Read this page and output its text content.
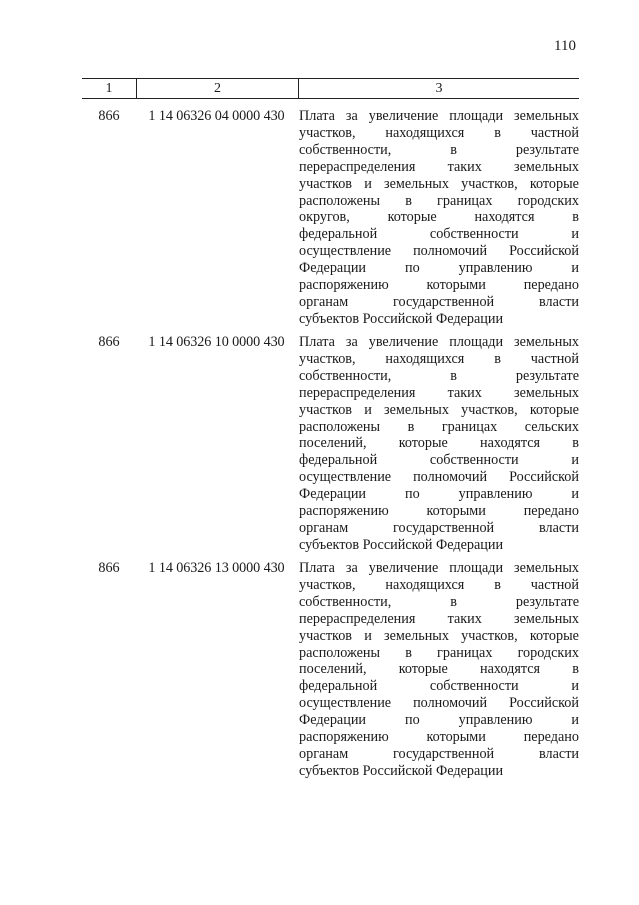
110
1	2	3
866	1 14 06326 04 0000 430	Плата за увеличение площади земельных
участков, находящихся в частной
собственности,	в	результате
перераспределения таких земельных
участков и земельных участков, которые
расположены в границах городских
округов,	которые	находятся	в
федеральной	собственности	и
осуществление полномочий Российской
Федерации	по	управлению	и
распоряжению	которыми	передано
органам	государственной	власти
субъектов Российской Федерации
866	1 14 06326 10 0000 430	Плата за увеличение площади земельных
участков, находящихся в частной
собственности,	в	результате
перераспределения таких земельных
участков и земельных участков, которые
расположены в границах сельских
поселений, которые находятся в
федеральной	собственности	и
осуществление полномочий Российской
Федерации	по	управлению	и
распоряжению	которыми	передано
органам	государственной	власти
субъектов Российской Федерации
866	1 14 06326 13 0000 430	Плата за увеличение площади земельных
участков, находящихся в частной
собственности,	в	результате
перераспределения таких земельных
участков и земельных участков, которые
расположены в границах городских
поселений, которые находятся в
федеральной	собственности	и
осуществление полномочий Российской
Федерации	по	управлению	и
распоряжению	которыми	передано
органам	государственной	власти
субъектов Российской Федерации
